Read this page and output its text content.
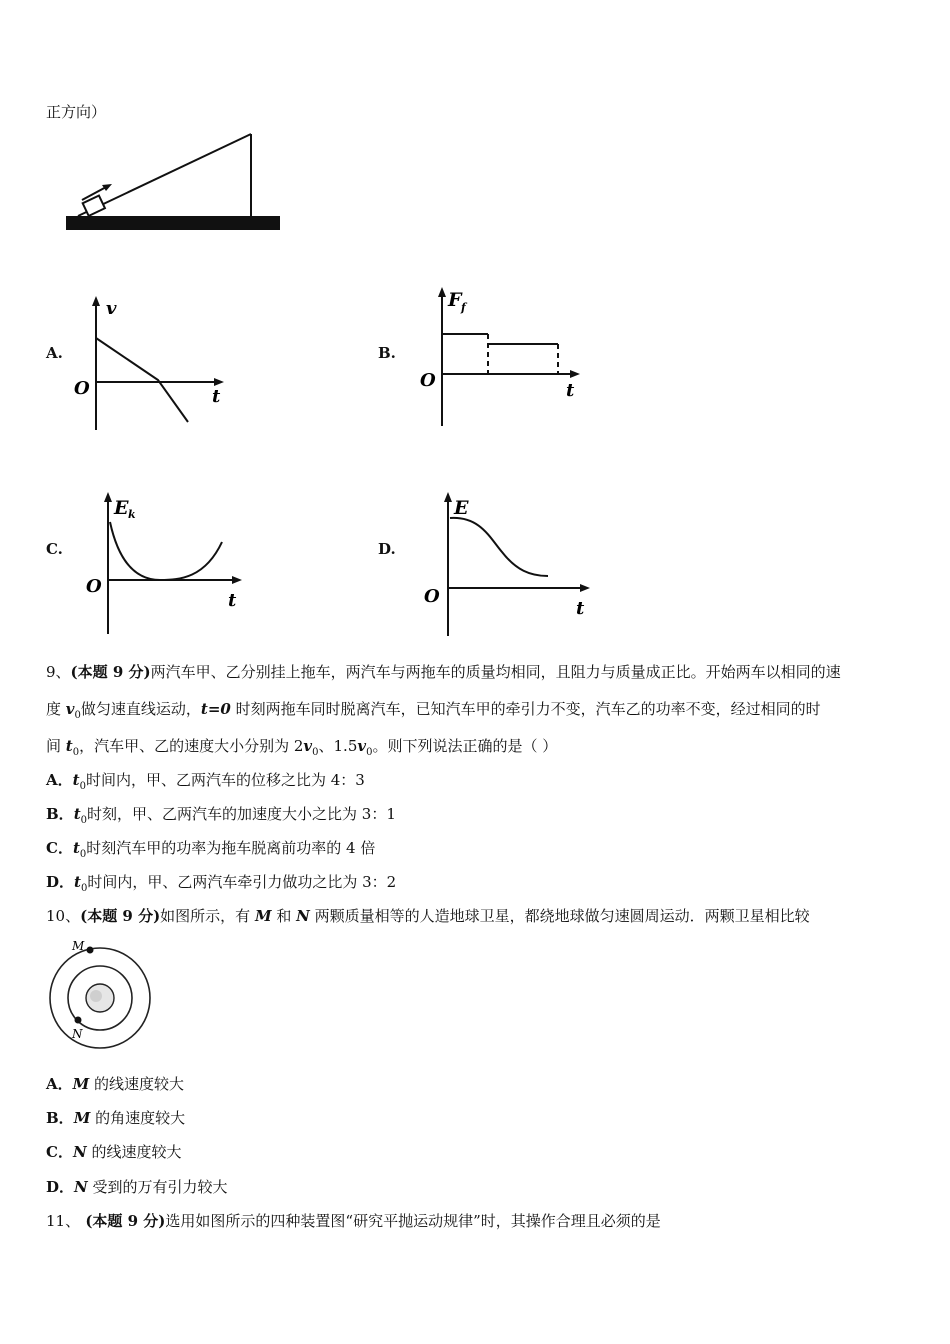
正方向）
A.
v
t
O
B.
F f
t
O
C.
E k
t
O
D.
E
t
O
9、(本题 9 分)两汽车甲、乙分别挂上拖车，两汽车与两拖车的质量均相同，且阻力与质量成正比。开始两车以相同的速
度 $v_0$做匀速直线运动，t=0 时刻两拖车同时脱离汽车，已知汽车甲的牵引力不变，汽车乙的功率不变，经过相同的时
间 $t_0$，汽车甲、乙的速度大小分别为 $2v_0$、$1.5v_0$。则下列说法正确的是（ ）
A．$t_0$时间内，甲、乙两汽车的位移之比为 4：3
B．$t_0$时刻，甲、乙两汽车的加速度大小之比为 3：1
C．$t_0$时刻汽车甲的功率为拖车脱离前功率的 4 倍
D．$t_0$时间内，甲、乙两汽车牵引力做功之比为 3：2
10、(本题 9 分)如图所示，有 M 和 N 两颗质量相等的人造地球卫星，都绕地球做匀速圆周运动．两颗卫星相比较
M
N
A．M 的线速度较大
B．M 的角速度较大
C．N 的线速度较大
D．N 受到的万有引力较大
11、 (本题 9 分)选用如图所示的四种装置图“研究平抛运动规律”时，其操作合理且必须的是
